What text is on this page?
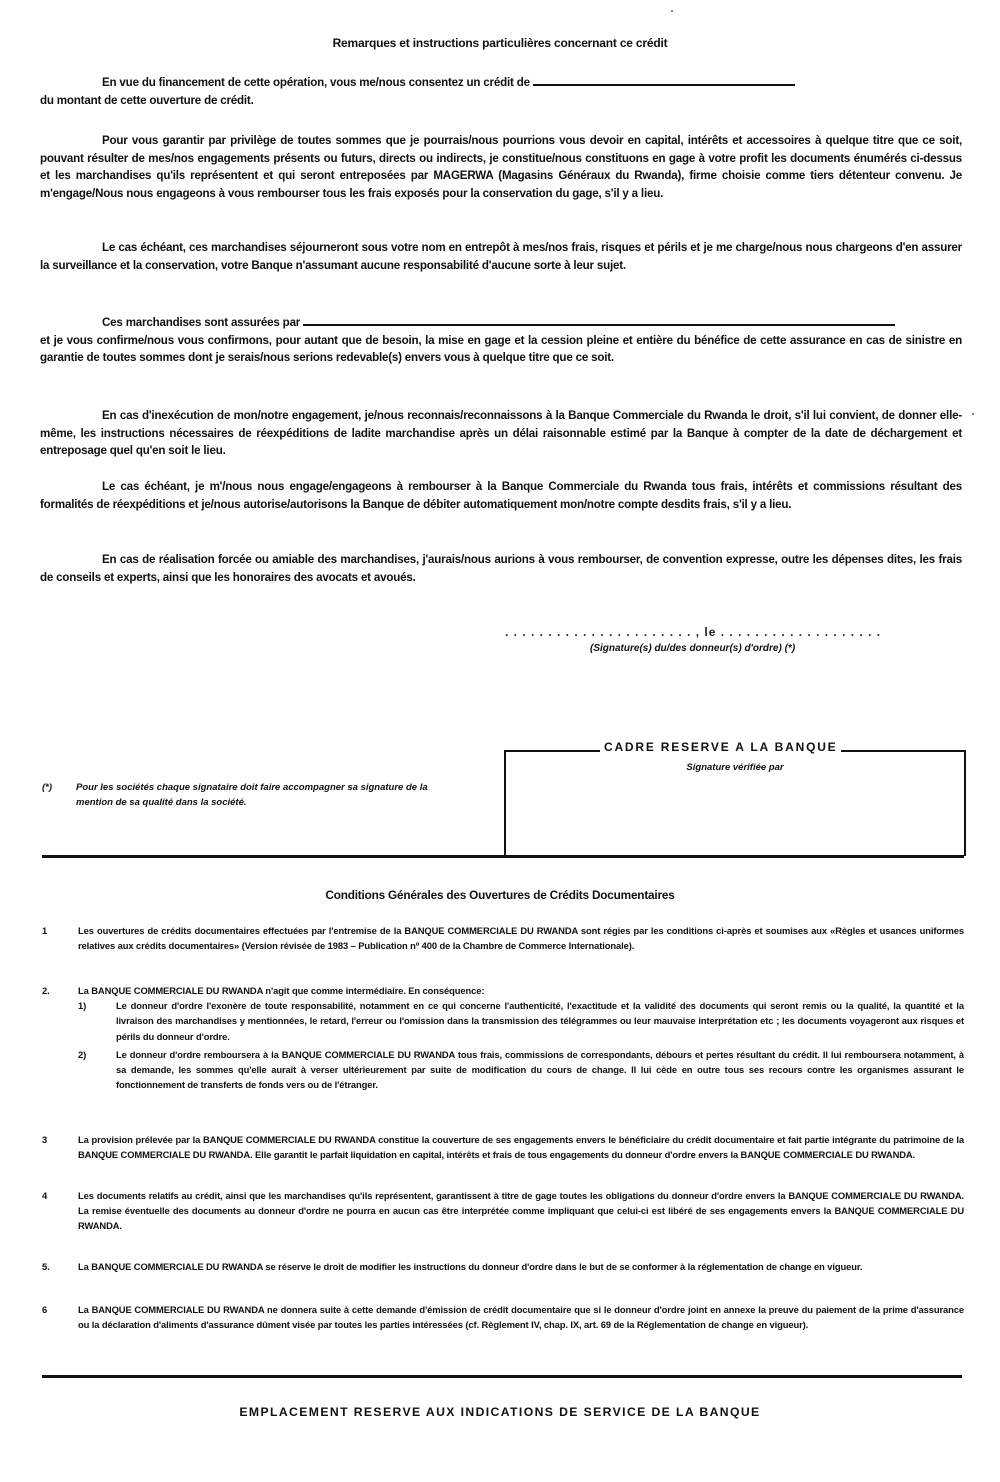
Remarques et instructions particulières concernant ce crédit
En vue du financement de cette opération, vous me/nous consentez un crédit de
du montant de cette ouverture de crédit.
Pour vous garantir par privilège de toutes sommes que je pourrais/nous pourrions vous devoir en capital, intérêts et accessoires à quelque titre que ce soit, pouvant résulter de mes/nos engagements présents ou futurs, directs ou indirects, je constitue/nous constituons en gage à votre profit les documents énumérés ci-dessus et les marchandises qu'ils représentent et qui seront entreposées par MAGERWA (Magasins Généraux du Rwanda), firme choisie comme tiers détenteur convenu. Je m'engage/Nous nous engageons à vous rembourser tous les frais exposés pour la conservation du gage, s'il y a lieu.
Le cas échéant, ces marchandises séjourneront sous votre nom en entrepôt à mes/nos frais, risques et périls et je me charge/nous nous chargeons d'en assurer la surveillance et la conservation, votre Banque n'assumant aucune responsabilité d'aucune sorte à leur sujet.
Ces marchandises sont assurées par
et je vous confirme/nous vous confirmons, pour autant que de besoin, la mise en gage et la cession pleine et entière du bénéfice de cette assurance en cas de sinistre en garantie de toutes sommes dont je serais/nous serions redevable(s) envers vous à quelque titre que ce soit.
En cas d'inexécution de mon/notre engagement, je/nous reconnais/reconnaissons à la Banque Commerciale du Rwanda le droit, s'il lui convient, de donner elle-même, les instructions nécessaires de réexpéditions de ladite marchandise après un délai raisonnable estimé par la Banque à compter de la date de déchargement et entreposage quel qu'en soit le lieu.
Le cas échéant, je m'/nous nous engage/engageons à rembourser à la Banque Commerciale du Rwanda tous frais, intérêts et commissions résultant des formalités de réexpéditions et je/nous autorise/autorisons la Banque de débiter automatiquement mon/notre compte desdits frais, s'il y a lieu.
En cas de réalisation forcée ou amiable des marchandises, j'aurais/nous aurions à vous rembourser, de convention expresse, outre les dépenses dites, les frais de conseils et experts, ainsi que les honoraires des avocats et avoués.
. . . . . . . . . . . . . . . . . . . . . . , le . . . . . . . . . . . . . . . . . . .
(Signature(s) du/des donneur(s) d'ordre) (*)
(*)	Pour les sociétés chaque signataire doit faire accompagner sa signature de la mention de sa qualité dans la société.
CADRE RESERVE A LA BANQUE
Signature vérifiée par
Conditions Générales des Ouvertures de Crédits Documentaires
1	Les ouvertures de crédits documentaires effectuées par l'entremise de la BANQUE COMMERCIALE DU RWANDA sont régies par les conditions ci-après et soumises aux «Règles et usances uniformes relatives aux crédits documentaires» (Version révisée de 1983 – Publication nº 400 de la Chambre de Commerce Internationale).
2.	La BANQUE COMMERCIALE DU RWANDA n'agit que comme intermédiaire. En conséquence:
1)	Le donneur d'ordre l'exonère de toute responsabilité, notamment en ce qui concerne l'authenticité, l'exactitude et la validité des documents qui seront remis ou la qualité, la quantité et la livraison des marchandises y mentionnées, le retard, l'erreur ou l'omission dans la transmission des télégrammes ou leur mauvaise interprétation etc ; les documents voyageront aux risques et périls du donneur d'ordre.
2)	Le donneur d'ordre remboursera à la BANQUE COMMERCIALE DU RWANDA tous frais, commissions de correspondants, débours et pertes résultant du crédit. Il lui remboursera notamment, à sa demande, les sommes qu'elle aurait à verser ultérieurement par suite de modification du cours de change. Il lui cède en outre tous ses recours contre les organismes assurant le fonctionnement de transferts de fonds vers ou de l'étranger.
3	La provision prélevée par la BANQUE COMMERCIALE DU RWANDA constitue la couverture de ses engagements envers le bénéficiaire du crédit documentaire et fait partie intégrante du patrimoine de la BANQUE COMMERCIALE DU RWANDA. Elle garantit le parfait liquidation en capital, intérêts et frais de tous engagements du donneur d'ordre envers la BANQUE COMMERCIALE DU RWANDA.
4	Les documents relatifs au crédit, ainsi que les marchandises qu'ils représentent, garantissent à titre de gage toutes les obligations du donneur d'ordre envers la BANQUE COMMERCIALE DU RWANDA. La remise éventuelle des documents au donneur d'ordre ne pourra en aucun cas être interprétée comme impliquant que celui-ci est libéré de ses engagements envers la BANQUE COMMERCIALE DU RWANDA.
5.	La BANQUE COMMERCIALE DU RWANDA se réserve le droit de modifier les instructions du donneur d'ordre dans le but de se conformer à la réglementation de change en vigueur.
6	La BANQUE COMMERCIALE DU RWANDA ne donnera suite à cette demande d'émission de crédit documentaire que si le donneur d'ordre joint en annexe la preuve du paiement de la prime d'assurance ou la déclaration d'aliments d'assurance dûment visée par toutes les parties intéressées (cf. Règlement IV, chap. IX, art. 69 de la Réglementation de change en vigueur).
EMPLACEMENT RESERVE AUX INDICATIONS DE SERVICE DE LA BANQUE
